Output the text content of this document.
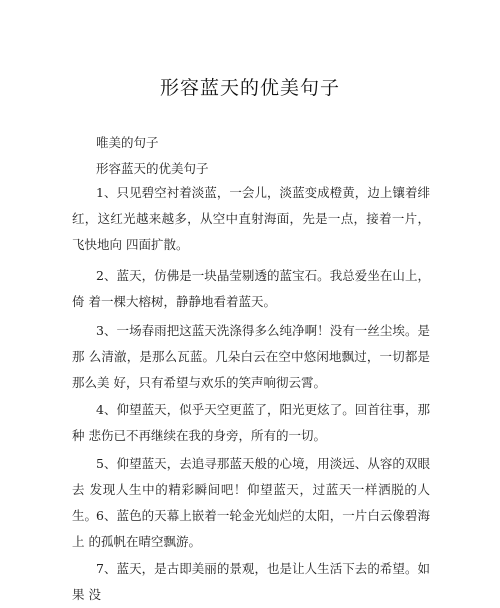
形容蓝天的优美句子
唯美的句子
形容蓝天的优美句子
1、只见碧空衬着淡蓝，一会儿，淡蓝变成橙黄，边上镶着绯红，这红光越来越多，从空中直射海面，先是一点，接着一片，飞快地向 四面扩散。
2、蓝天，仿佛是一块晶莹剔透的蓝宝石。我总爱坐在山上，倚 着一棵大榕树，静静地看着蓝天。
3、一场春雨把这蓝天洗涤得多么纯净啊！没有一丝尘埃。是那 么清澈，是那么瓦蓝。几朵白云在空中悠闲地飘过，一切都是那么美 好，只有希望与欢乐的笑声响彻云霄。
4、仰望蓝天，似乎天空更蓝了，阳光更炫了。回首往事，那种 悲伤已不再继续在我的身旁，所有的一切。
5、仰望蓝天，去追寻那蓝天般的心境，用淡远、从容的双眼去 发现人生中的精彩瞬间吧！仰望蓝天，过蓝天一样洒脱的人生。
6、蓝色的天幕上嵌着一轮金光灿烂的太阳，一片白云像碧海上 的孤帆在晴空飘游。
7、蓝天，是古即美丽的景观，也是让人生活下去的希望。如果 没
